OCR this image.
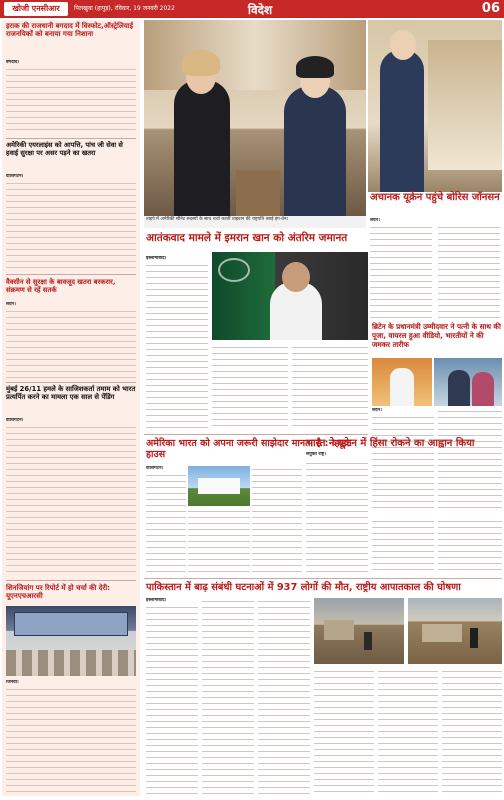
खोजी एनसीआर	पिलखुवा (हापुड़), रविवार, 19 जनवरी 2022	विदेश	06
इराक की राजधानी बगदाद में विस्फोट,ऑस्ट्रेलियाई राजनयिकों को बनाया गया निशाना
बगदाद।
अमेरिकी एयरलाइंस को आपत्ति, पांच जी सेवा से हवाई सुरक्षा पर असर पड़ने का खतरा
वाशिंगटन।
वैक्सीन से सुरक्षा के बावजूद खतरा बरकरार, संक्रमण से रहें सतर्क
लंदन।
मुंबई 26/11 हमले के साजिशकर्ता तमाम को भारत प्रत्यर्पित करने का मामला एक साल से पेंडिंग
वाशिंगटन।
शिनजियांग पर रिपोर्ट में हो चर्चा की देरी: यूएनएचआरसी
जिनेवा।
अचानक यूक्रेन पहुंचे बोरिस जॉनसन
लंदन।
ताइपे में अमेरिकी सीनेट सदस्यों के साथ चर्चा करतीं ताइवान की राष्ट्रपति त्साई इंग-वेन।
आतंकवाद मामले में इमरान खान को अंतरिम जमानत
इस्लामाबाद।
ब्रिटेन के प्रधानमंत्री उम्मीदवार ने पत्नी के साथ की पूजा, वायरल हुआ वीडियो, भारतीयों ने की जमकर तारीफ
लंदन।
अमेरिका भारत को अपना जरूरी साझेदार मानता है : व्हाइट हाउस
वाशिंगटन।
भारत ने यूक्रेन में हिंसा रोकने का आह्वान किया
संयुक्त राष्ट्र।
पाकिस्तान में बाढ़ संबंधी घटनाओं में 937 लोगों की मौत, राष्ट्रीय आपातकाल की घोषणा
इस्लामाबाद।
